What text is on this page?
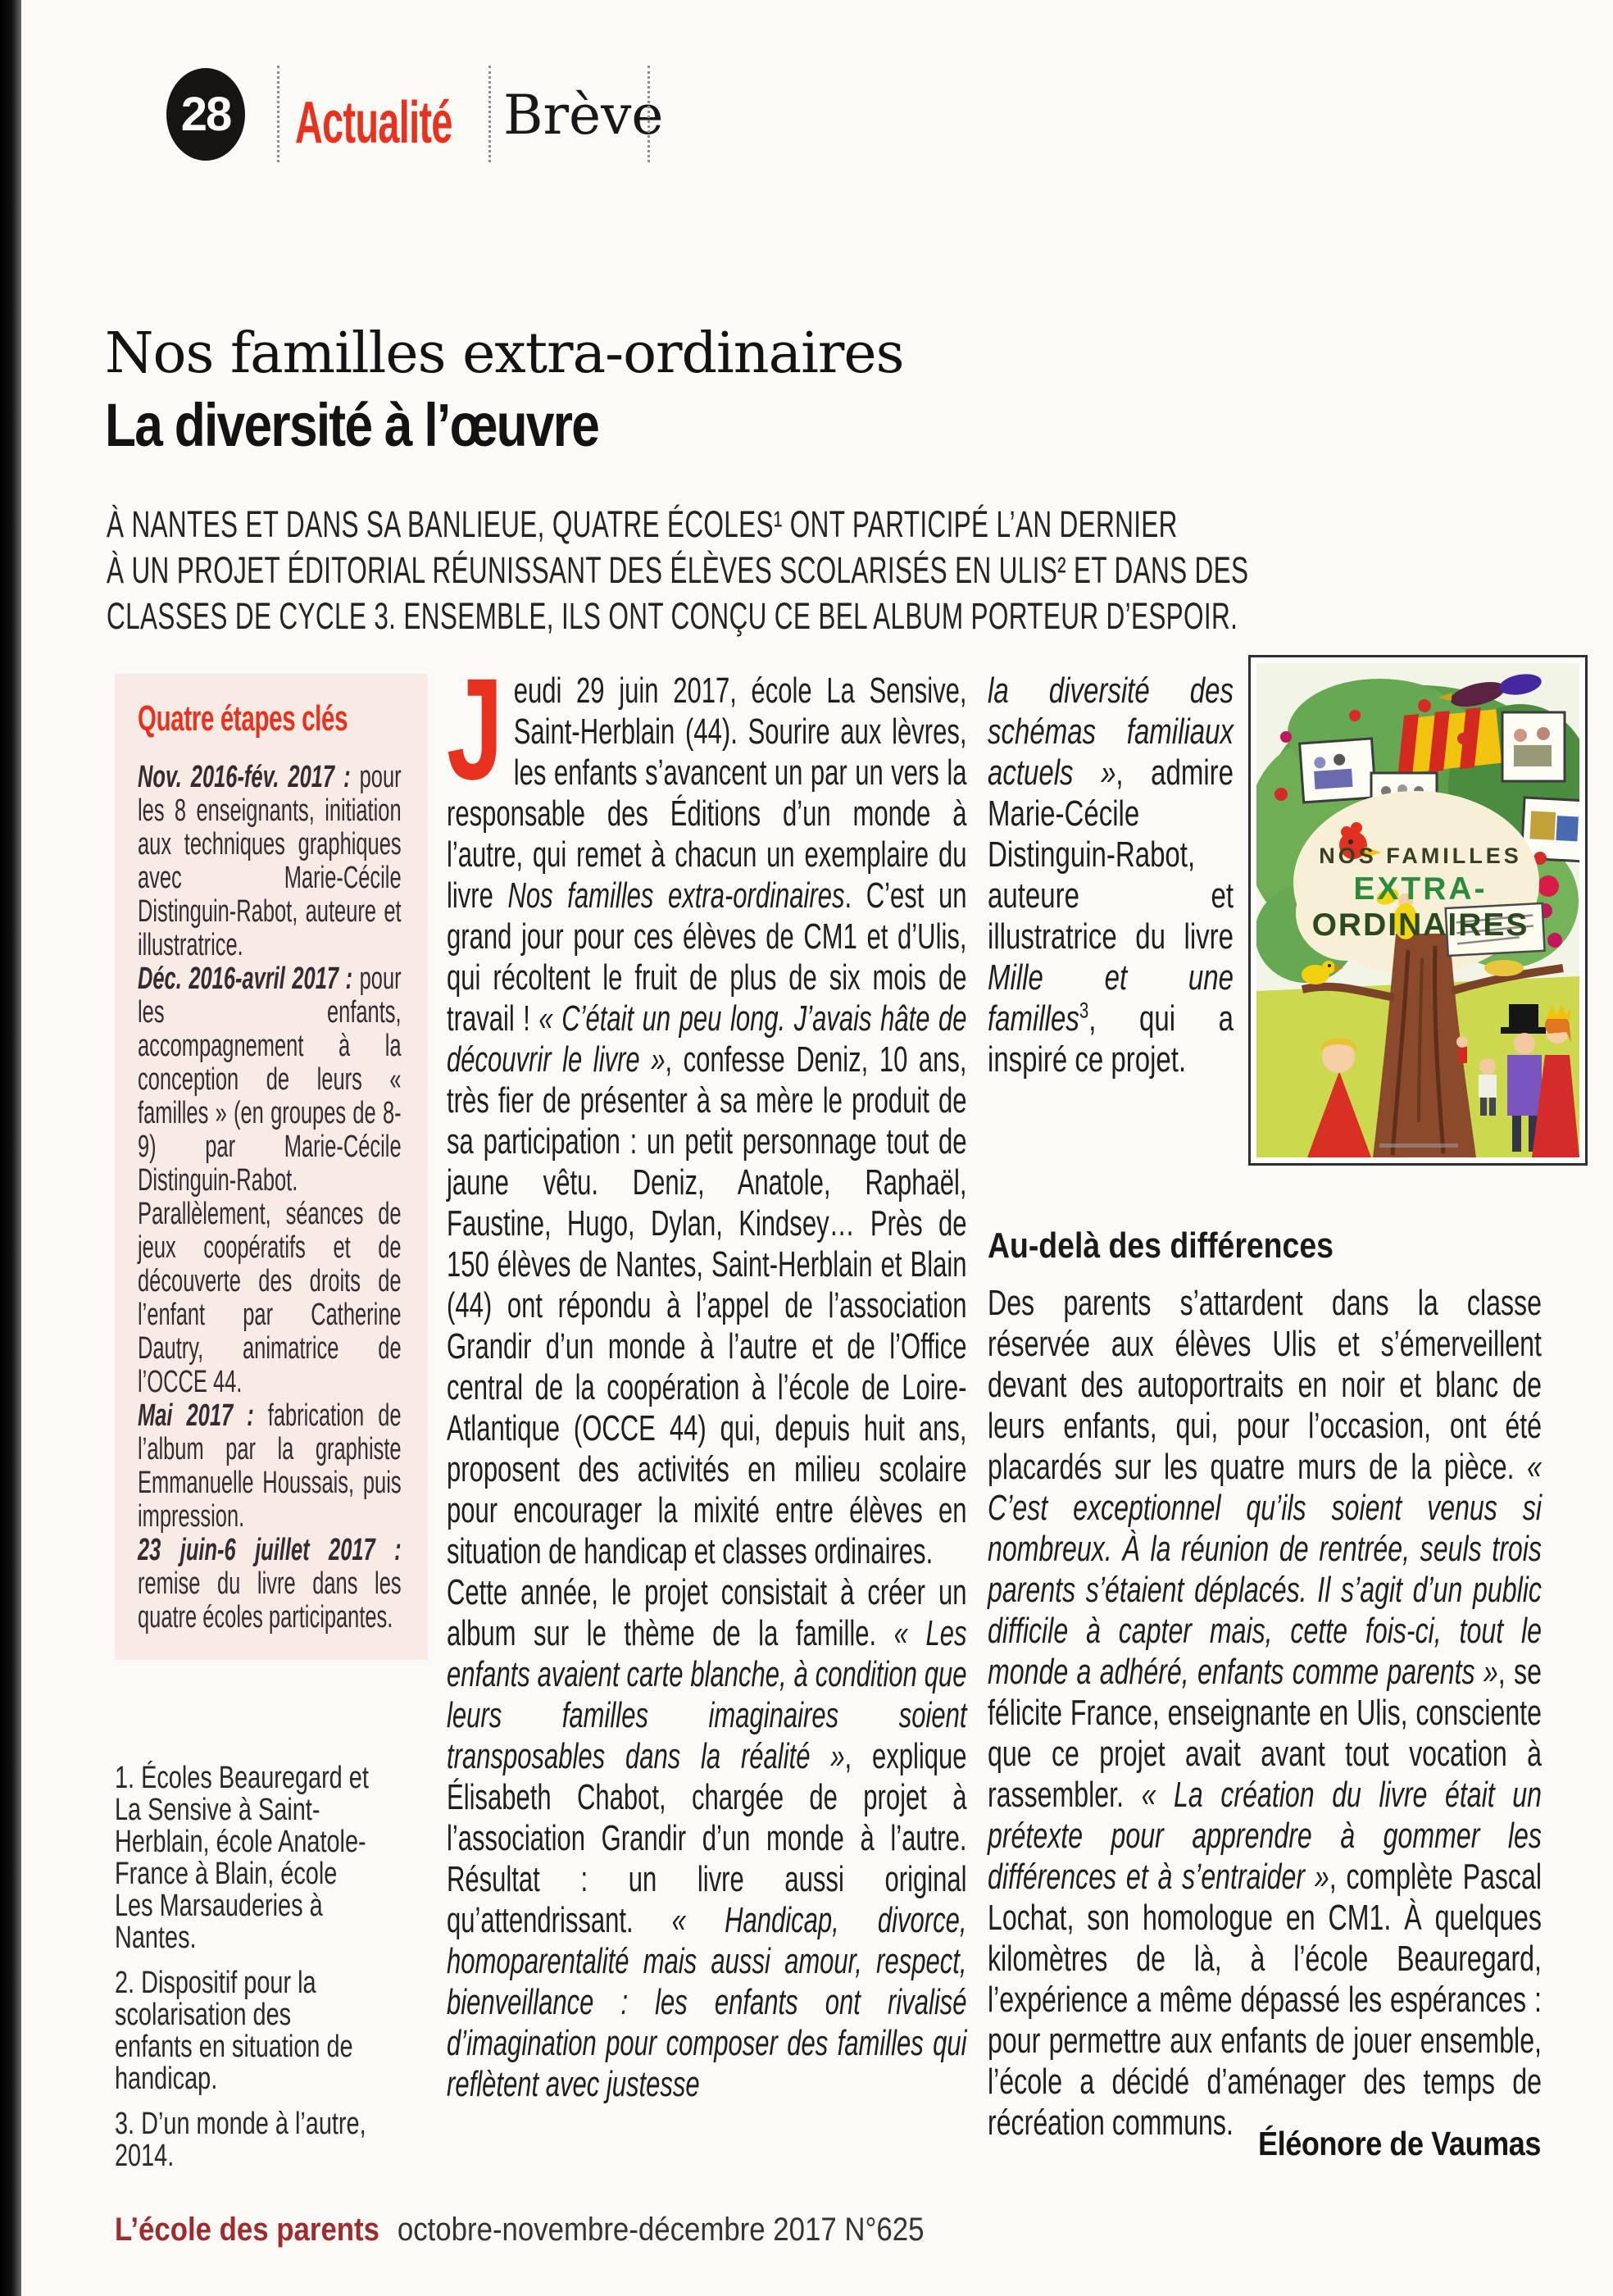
28 Actualité Brève
Nos familles extra-ordinaires
La diversité à l’œuvre
À NANTES ET DANS SA BANLIEUE, QUATRE ÉCOLES¹ ONT PARTICIPÉ L’AN DERNIER
À UN PROJET ÉDITORIAL RÉUNISSANT DES ÉLÈVES SCOLARISÉS EN ULIS² ET DANS DES
CLASSES DE CYCLE 3. ENSEMBLE, ILS ONT CONÇU CE BEL ALBUM PORTEUR D’ESPOIR.

Quatre étapes clés

Nov. 2016-fév. 2017 : pour les 8 enseignants, initiation aux techniques graphiques avec Marie-Cécile Distinguin-Rabot, auteure et illustratrice.

Déc. 2016-avril 2017 : pour les enfants, accompagnement à la conception de leurs « familles » (en groupes de 8-9) par Marie-Cécile Distinguin-Rabot. Parallèlement, séances de jeux coopératifs et de découverte des droits de l’enfant par Catherine Dautry, animatrice de l’OCCE 44.

Mai 2017 : fabrication de l’album par la graphiste Emmanuelle Houssais, puis impression.

23 juin-6 juillet 2017 : remise du livre dans les quatre écoles participantes.

1. Écoles Beauregard et La Sensive à Saint-Herblain, école Anatole-France à Blain, école Les Marsauderies à Nantes.

2. Dispositif pour la scolarisation des enfants en situation de handicap.

3. D’un monde à l’autre, 2014.

J eudi 29 juin 2017, école La Sensive, Saint-Herblain (44). Sourire aux lèvres, les enfants s’avancent un par un vers la responsable des Éditions d’un monde à l’autre, qui remet à chacun un exemplaire du livre Nos familles extra-ordinaires. C’est un grand jour pour ces élèves de CM1 et d’Ulis, qui récoltent le fruit de plus de six mois de travail ! « C’était un peu long. J’avais hâte de découvrir le livre », confesse Deniz, 10 ans, très fier de présenter à sa mère le produit de sa participation : un petit personnage tout de jaune vêtu. Deniz, Anatole, Raphaël, Faustine, Hugo, Dylan, Kindsey… Près de 150 élèves de Nantes, Saint-Herblain et Blain (44) ont répondu à l’appel de l’association Grandir d’un monde à l’autre et de l’Office central de la coopération à l’école de Loire-Atlantique (OCCE 44) qui, depuis huit ans, proposent des activités en milieu scolaire pour encourager la mixité entre élèves en situation de handicap et classes ordinaires.

Cette année, le projet consistait à créer un album sur le thème de la famille. « Les enfants avaient carte blanche, à condition que leurs familles imaginaires soient transposables dans la réalité », explique Élisabeth Chabot, chargée de projet à l’association Grandir d’un monde à l’autre. Résultat : un livre aussi original qu’attendrissant. « Handicap, divorce, homoparentalité mais aussi amour, respect, bienveillance : les enfants ont rivalisé d’imagination pour composer des familles qui reflètent avec justesse

la diversité des schémas familiaux actuels », admire Marie-Cécile Distinguin-Rabot, auteure et illustratrice du livre Mille et une familles$^3$, qui a inspiré ce projet.

Au-delà des différences

Des parents s’attardent dans la classe réservée aux élèves Ulis et s’émerveillent devant des autoportraits en noir et blanc de leurs enfants, qui, pour l’occasion, ont été placardés sur les quatre murs de la pièce. « C’est exceptionnel qu’ils soient venus si nombreux. À la réunion de rentrée, seuls trois parents s’étaient déplacés. Il s’agit d’un public difficile à capter mais, cette fois-ci, tout le monde a adhéré, enfants comme parents », se félicite France, enseignante en Ulis, consciente que ce projet avait avant tout vocation à rassembler. « La création du livre était un prétexte pour apprendre à gommer les différences et à s’entraider », complète Pascal Lochat, son homologue en CM1. À quelques kilomètres de là, à l’école Beauregard, l’expérience a même dépassé les espérances : pour permettre aux enfants de jouer ensemble, l’école a décidé d’aménager des temps de récréation communs.

Éléonore de Vaumas
NOS FAMILLES
EXTRA-
ORDINAIRES
L’école des parents octobre-novembre-décembre 2017 N°625
